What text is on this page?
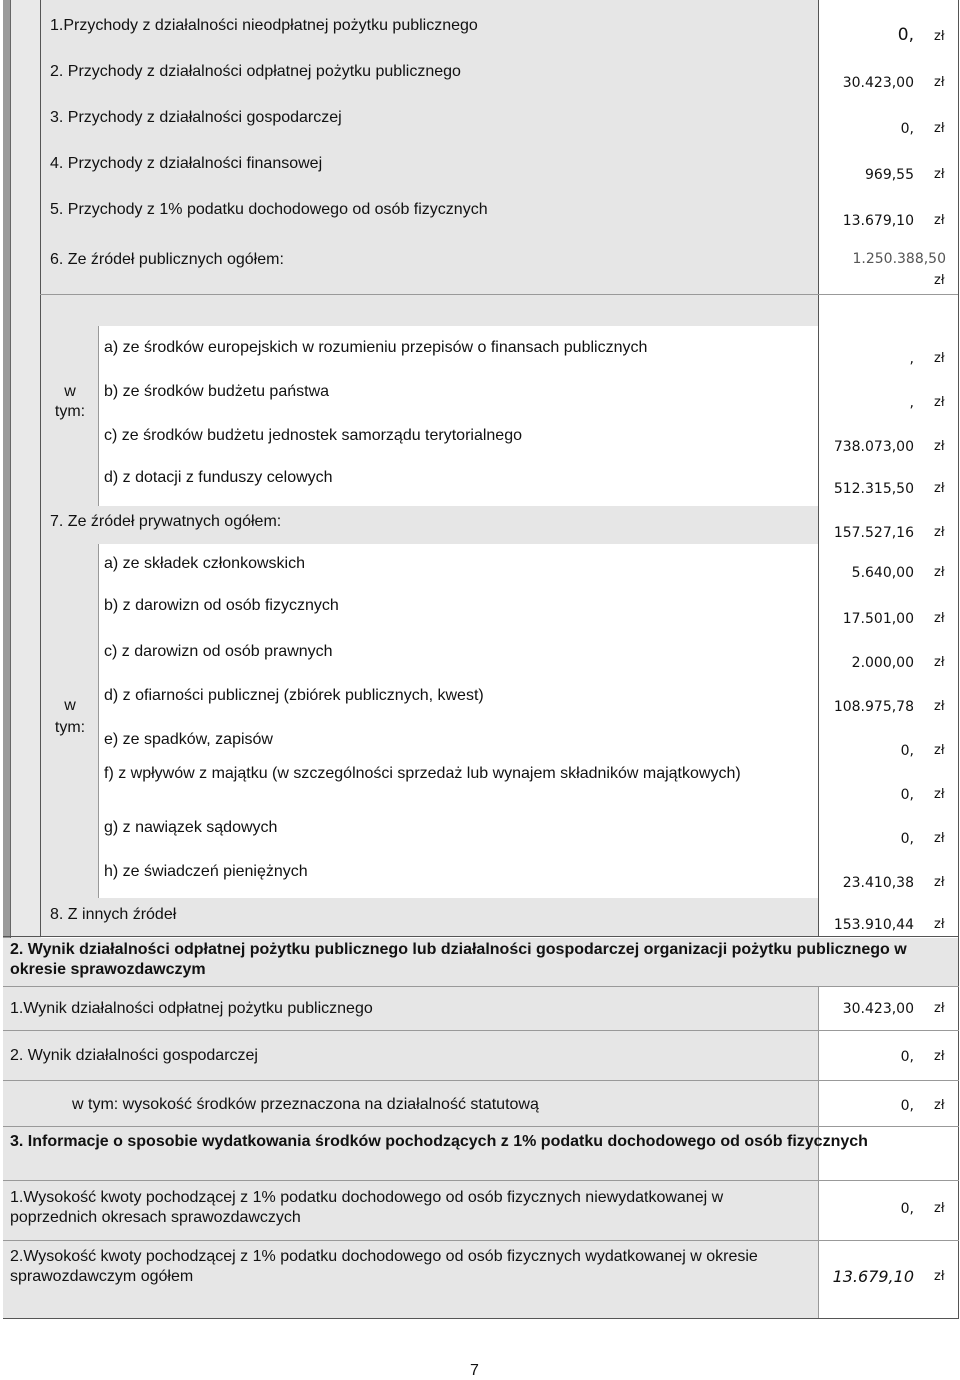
1.Przychody z działalności nieodpłatnej pożytku publicznego	0, zł
2. Przychody z działalności odpłatnej pożytku publicznego
30.423,00 zł
3. Przychody z działalności gospodarczej
0, zł
4. Przychody z działalności finansowej
969,55 zł
5. Przychody z 1% podatku dochodowego od osób fizycznych
13.679,10 zł
6. Ze źródeł publicznych ogółem:	1.250.388,50
zł
w
tym:
a) ze środków europejskich w rozumieniu przepisów o finansach publicznych
, zł
b) ze środków budżetu państwa
, zł
c) ze środków budżetu jednostek samorządu terytorialnego
738.073,00 zł
d) z dotacji z funduszy celowych
512.315,50 zł
7. Ze źródeł prywatnych ogółem:
157.527,16 zł
w
tym:
a) ze składek członkowskich
5.640,00 zł
b) z darowizn od osób fizycznych
17.501,00 zł
c) z darowizn od osób prawnych
2.000,00 zł
d) z ofiarności publicznej (zbiórek publicznych, kwest)
108.975,78 zł
e) ze spadków, zapisów
0, zł
f) z wpływów z majątku (w szczególności sprzedaż lub wynajem składników majątkowych)
0, zł
g) z nawiązek sądowych
0, zł
h) ze świadczeń pieniężnych
23.410,38 zł
8. Z innych źródeł
153.910,44 zł
2. Wynik działalności odpłatnej pożytku publicznego lub działalności gospodarczej organizacji pożytku publicznego w okresie sprawozdawczym
1.Wynik działalności odpłatnej pożytku publicznego	30.423,00 zł
2. Wynik działalności gospodarczej	0, zł
w tym: wysokość środków przeznaczona na działalność statutową	0, zł
3. Informacje o sposobie wydatkowania środków pochodzących z 1% podatku dochodowego od osób fizycznych
1.Wysokość kwoty pochodzącej z 1% podatku dochodowego od osób fizycznych niewydatkowanej w poprzednich okresach sprawozdawczych	0, zł
2.Wysokość kwoty pochodzącej z 1% podatku dochodowego od osób fizycznych wydatkowanej w okresie sprawozdawczym ogółem	13.679,10 zł
7
